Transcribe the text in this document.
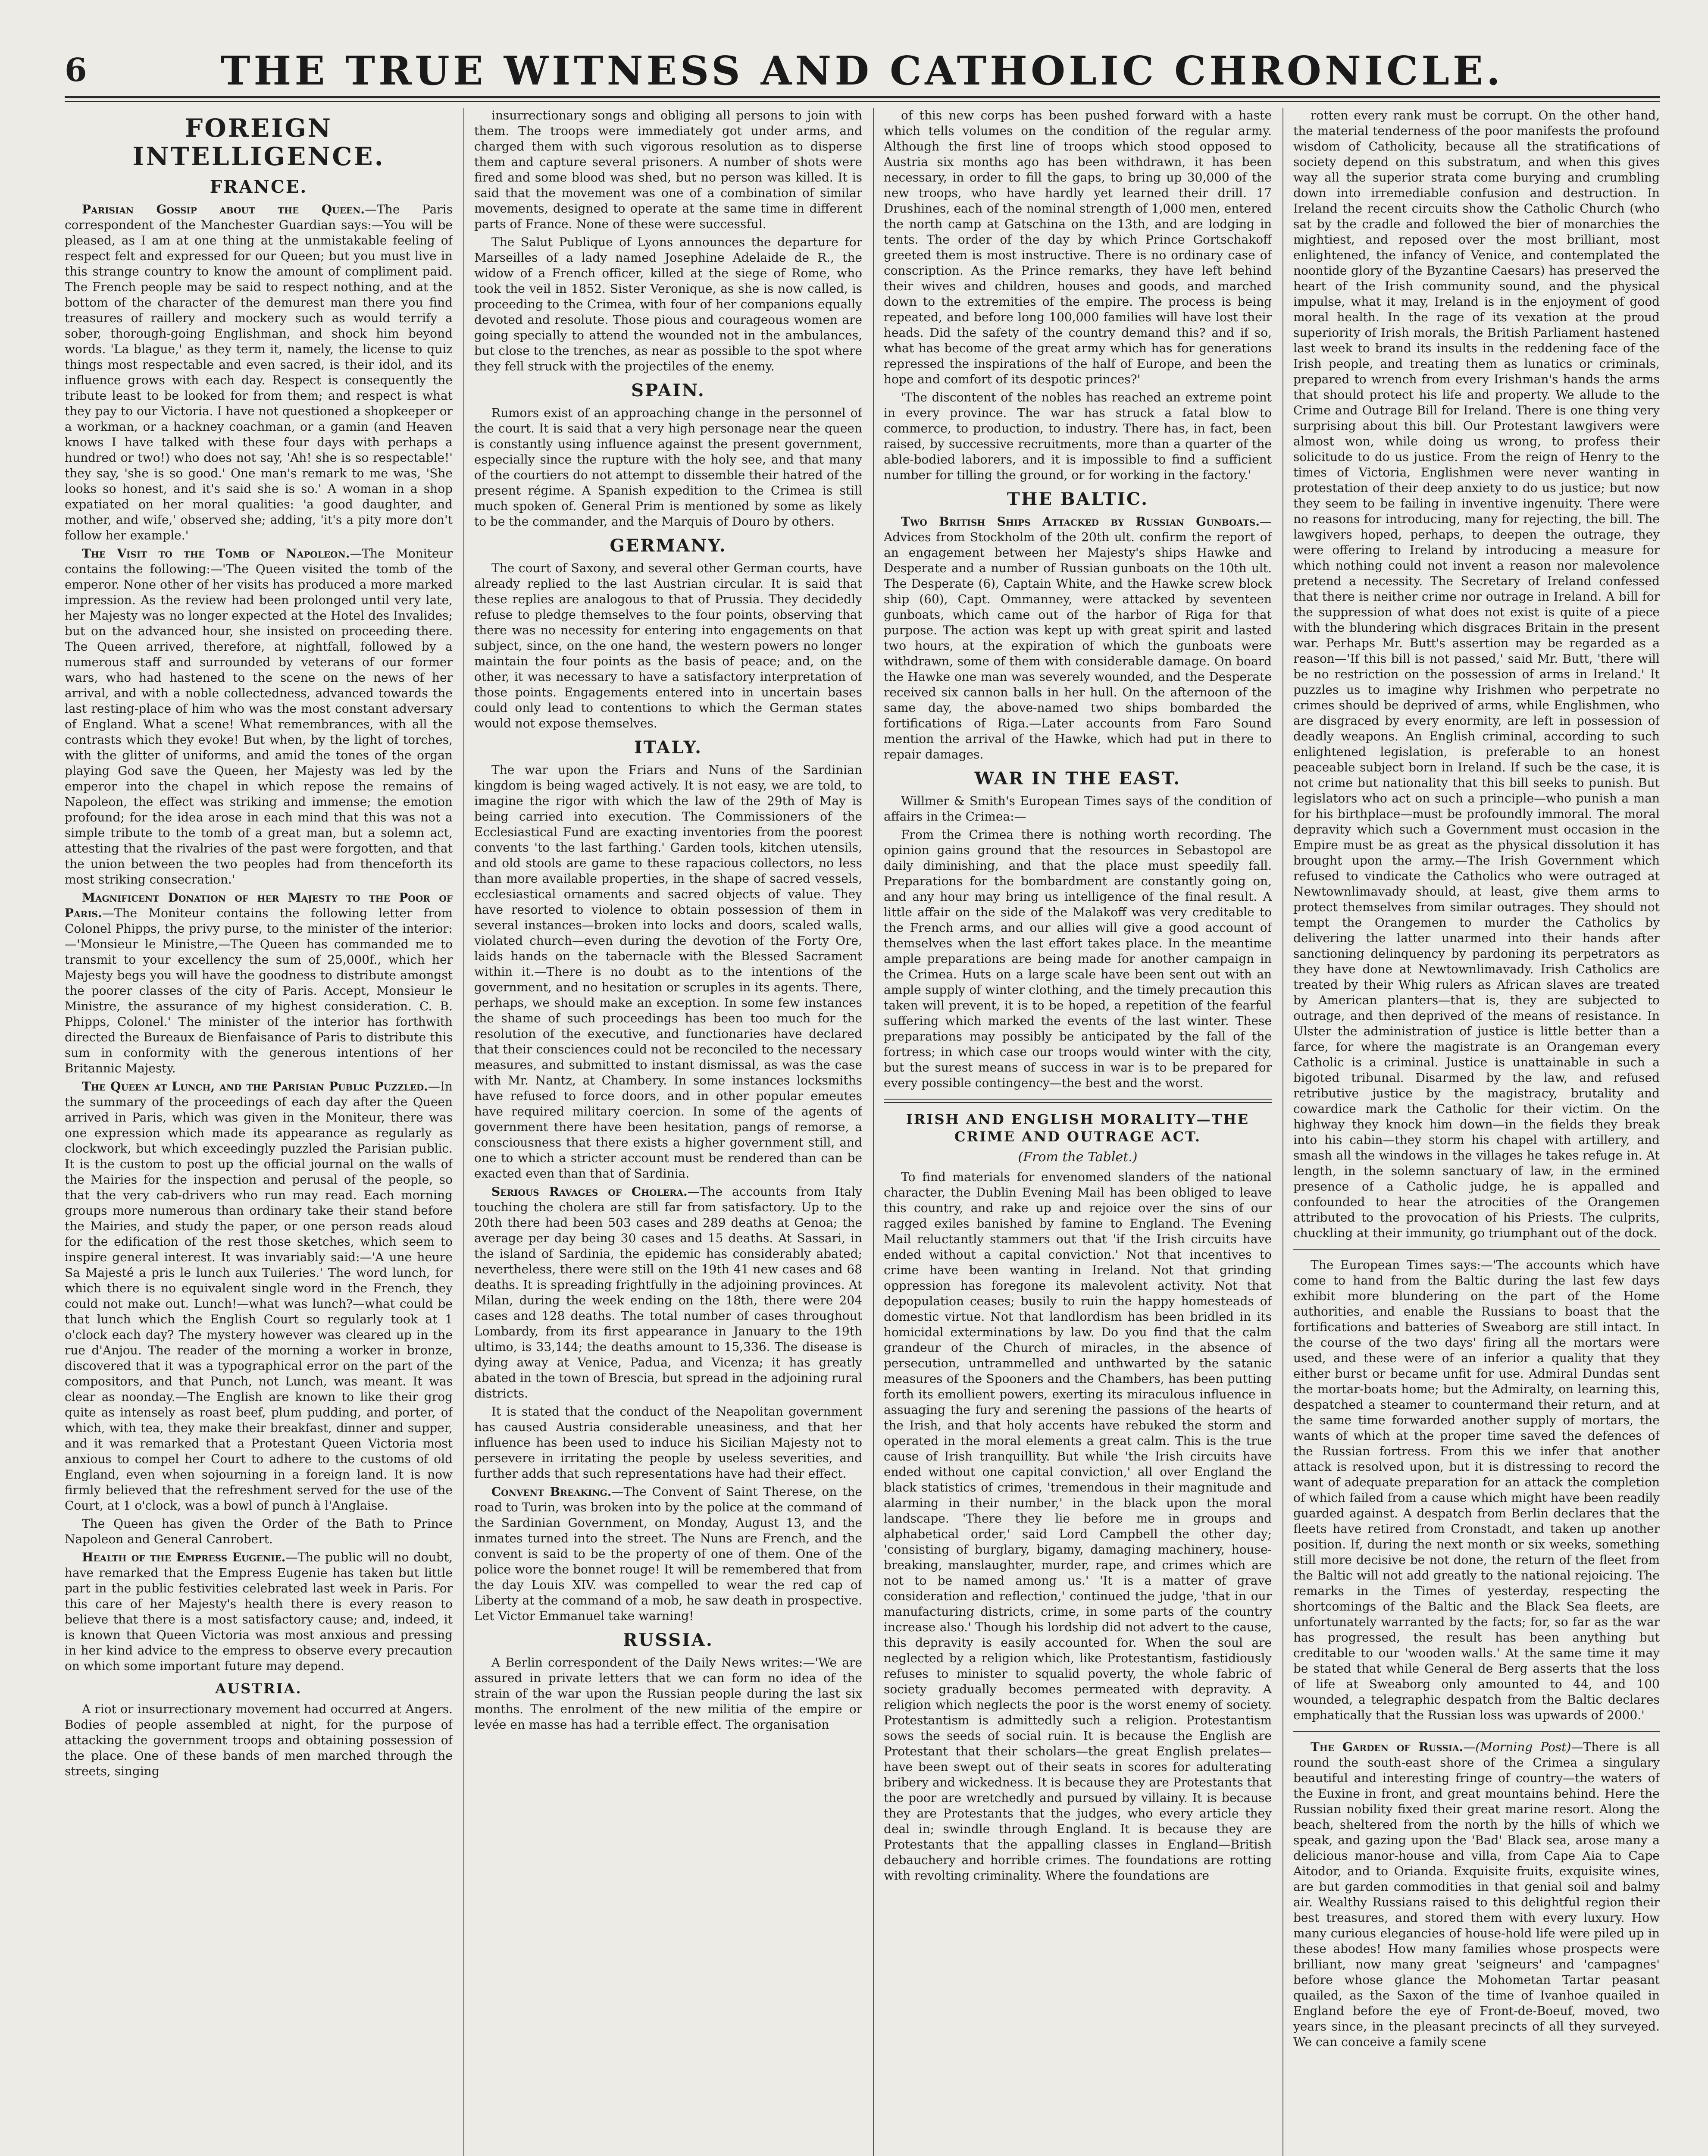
6	THE TRUE WITNESS AND CATHOLIC CHRONICLE.
FOREIGN INTELLIGENCE.
FRANCE.

Parisian Gossip about the Queen.—The Paris correspondent of the Manchester Guardian says:—You will be pleased, as I am at one thing at the unmistakable feeling of respect felt and expressed for our Queen; but you must live in this strange country to know the amount of compliment paid. The French people may be said to respect nothing, and at the bottom of the character of the demurest man there you find treasures of raillery and mockery such as would terrify a sober, thorough-going Englishman, and shock him beyond words. 'La blague,' as they term it, namely, the license to quiz things most respectable and even sacred, is their idol, and its influence grows with each day. Respect is consequently the tribute least to be looked for from them; and respect is what they pay to our Victoria. I have not questioned a shopkeeper or a workman, or a hackney coachman, or a gamin (and Heaven knows I have talked with these four days with perhaps a hundred or two!) who does not say, 'Ah! she is so respectable!' they say, 'she is so good.' One man's remark to me was, 'She looks so honest, and it's said she is so.' A woman in a shop expatiated on her moral qualities: 'a good daughter, and mother, and wife,' observed she; adding, 'it's a pity more don't follow her example.'

The Visit to the Tomb of Napoleon.—The Moniteur contains the following:—'The Queen visited the tomb of the emperor. None other of her visits has produced a more marked impression. As the review had been prolonged until very late, her Majesty was no longer expected at the Hotel des Invalides; but on the advanced hour, she insisted on proceeding there. The Queen arrived, therefore, at nightfall, followed by a numerous staff and surrounded by veterans of our former wars, who had hastened to the scene on the news of her arrival, and with a noble collectedness, advanced towards the last resting-place of him who was the most constant adversary of England. What a scene! What remembrances, with all the contrasts which they evoke! But when, by the light of torches, with the glitter of uniforms, and amid the tones of the organ playing God save the Queen, her Majesty was led by the emperor into the chapel in which repose the remains of Napoleon, the effect was striking and immense; the emotion profound; for the idea arose in each mind that this was not a simple tribute to the tomb of a great man, but a solemn act, attesting that the rivalries of the past were forgotten, and that the union between the two peoples had from thenceforth its most striking consecration.'

Magnificent Donation of her Majesty to the Poor of Paris.—The Moniteur contains the following letter from Colonel Phipps, the privy purse, to the minister of the interior:—'Monsieur le Ministre,—The Queen has commanded me to transmit to your excellency the sum of 25,000f., which her Majesty begs you will have the goodness to distribute amongst the poorer classes of the city of Paris. Accept, Monsieur le Ministre, the assurance of my highest consideration. C. B. Phipps, Colonel.' The minister of the interior has forthwith directed the Bureaux de Bienfaisance of Paris to distribute this sum in conformity with the generous intentions of her Britannic Majesty.

The Queen at Lunch, and the Parisian Public Puzzled.—In the summary of the proceedings of each day after the Queen arrived in Paris, which was given in the Moniteur, there was one expression which made its appearance as regularly as clockwork, but which exceedingly puzzled the Parisian public. It is the custom to post up the official journal on the walls of the Mairies for the inspection and perusal of the people, so that the very cab-drivers who run may read. Each morning groups more numerous than ordinary take their stand before the Mairies, and study the paper, or one person reads aloud for the edification of the rest those sketches, which seem to inspire general interest. It was invariably said:—'A une heure Sa Majesté a pris le lunch aux Tuileries.' The word lunch, for which there is no equivalent single word in the French, they could not make out. Lunch!—what was lunch?—what could be that lunch which the English Court so regularly took at 1 o'clock each day? The mystery however was cleared up in the rue d'Anjou. The reader of the morning a worker in bronze, discovered that it was a typographical error on the part of the compositors, and that Punch, not Lunch, was meant. It was clear as noonday.—The English are known to like their grog quite as intensely as roast beef, plum pudding, and porter, of which, with tea, they make their breakfast, dinner and supper, and it was remarked that a Protestant Queen Victoria most anxious to compel her Court to adhere to the customs of old England, even when sojourning in a foreign land. It is now firmly believed that the refreshment served for the use of the Court, at 1 o'clock, was a bowl of punch à l'Anglaise.

The Queen has given the Order of the Bath to Prince Napoleon and General Canrobert.

Health of the Empress Eugenie.—The public will no doubt, have remarked that the Empress Eugenie has taken but little part in the public festivities celebrated last week in Paris. For this care of her Majesty's health there is every reason to believe that there is a most satisfactory cause; and, indeed, it is known that Queen Victoria was most anxious and pressing in her kind advice to the empress to observe every precaution on which some important future may depend.

AUSTRIA.

A riot or insurrectionary movement had occurred at Angers. Bodies of people assembled at night, for the purpose of attacking the government troops and obtaining possession of the place. One of these bands of men marched through the streets, singing

insurrectionary songs and obliging all persons to join with them. The troops were immediately got under arms, and charged them with such vigorous resolution as to disperse them and capture several prisoners. A number of shots were fired and some blood was shed, but no person was killed. It is said that the movement was one of a combination of similar movements, designed to operate at the same time in different parts of France. None of these were successful.

The Salut Publique of Lyons announces the departure for Marseilles of a lady named Josephine Adelaide de R., the widow of a French officer, killed at the siege of Rome, who took the veil in 1852. Sister Veronique, as she is now called, is proceeding to the Crimea, with four of her companions equally devoted and resolute. Those pious and courageous women are going specially to attend the wounded not in the ambulances, but close to the trenches, as near as possible to the spot where they fell struck with the projectiles of the enemy.

SPAIN.

Rumors exist of an approaching change in the personnel of the court. It is said that a very high personage near the queen is constantly using influence against the present government, especially since the rupture with the holy see, and that many of the courtiers do not attempt to dissemble their hatred of the present régime. A Spanish expedition to the Crimea is still much spoken of. General Prim is mentioned by some as likely to be the commander, and the Marquis of Douro by others.

GERMANY.

The court of Saxony, and several other German courts, have already replied to the last Austrian circular. It is said that these replies are analogous to that of Prussia. They decidedly refuse to pledge themselves to the four points, observing that there was no necessity for entering into engagements on that subject, since, on the one hand, the western powers no longer maintain the four points as the basis of peace; and, on the other, it was necessary to have a satisfactory interpretation of those points. Engagements entered into in uncertain bases could only lead to contentions to which the German states would not expose themselves.

ITALY.

The war upon the Friars and Nuns of the Sardinian kingdom is being waged actively. It is not easy, we are told, to imagine the rigor with which the law of the 29th of May is being carried into execution. The Commissioners of the Ecclesiastical Fund are exacting inventories from the poorest convents 'to the last farthing.' Garden tools, kitchen utensils, and old stools are game to these rapacious collectors, no less than more available properties, in the shape of sacred vessels, ecclesiastical ornaments and sacred objects of value. They have resorted to violence to obtain possession of them in several instances—broken into locks and doors, scaled walls, violated church—even during the devotion of the Forty Ore, laids hands on the tabernacle with the Blessed Sacrament within it.—There is no doubt as to the intentions of the government, and no hesitation or scruples in its agents. There, perhaps, we should make an exception. In some few instances the shame of such proceedings has been too much for the resolution of the executive, and functionaries have declared that their consciences could not be reconciled to the necessary measures, and submitted to instant dismissal, as was the case with Mr. Nantz, at Chambery. In some instances locksmiths have refused to force doors, and in other popular emeutes have required military coercion. In some of the agents of government there have been hesitation, pangs of remorse, a consciousness that there exists a higher government still, and one to which a stricter account must be rendered than can be exacted even than that of Sardinia.

Serious Ravages of Cholera.—The accounts from Italy touching the cholera are still far from satisfactory. Up to the 20th there had been 503 cases and 289 deaths at Genoa; the average per day being 30 cases and 15 deaths. At Sassari, in the island of Sardinia, the epidemic has considerably abated; nevertheless, there were still on the 19th 41 new cases and 68 deaths. It is spreading frightfully in the adjoining provinces. At Milan, during the week ending on the 18th, there were 204 cases and 128 deaths. The total number of cases throughout Lombardy, from its first appearance in January to the 19th ultimo, is 33,144; the deaths amount to 15,336. The disease is dying away at Venice, Padua, and Vicenza; it has greatly abated in the town of Brescia, but spread in the adjoining rural districts.

It is stated that the conduct of the Neapolitan government has caused Austria considerable uneasiness, and that her influence has been used to induce his Sicilian Majesty not to persevere in irritating the people by useless severities, and further adds that such representations have had their effect.

Convent Breaking.—The Convent of Saint Therese, on the road to Turin, was broken into by the police at the command of the Sardinian Government, on Monday, August 13, and the inmates turned into the street. The Nuns are French, and the convent is said to be the property of one of them. One of the police wore the bonnet rouge! It will be remembered that from the day Louis XIV. was compelled to wear the red cap of Liberty at the command of a mob, he saw death in prospective. Let Victor Emmanuel take warning!

RUSSIA.

A Berlin correspondent of the Daily News writes:—'We are assured in private letters that we can form no idea of the strain of the war upon the Russian people during the last six months. The enrolment of the new militia of the empire or levée en masse has had a terrible effect. The organisation

of this new corps has been pushed forward with a haste which tells volumes on the condition of the regular army. Although the first line of troops which stood opposed to Austria six months ago has been withdrawn, it has been necessary, in order to fill the gaps, to bring up 30,000 of the new troops, who have hardly yet learned their drill. 17 Drushines, each of the nominal strength of 1,000 men, entered the north camp at Gatschina on the 13th, and are lodging in tents. The order of the day by which Prince Gortschakoff greeted them is most instructive. There is no ordinary case of conscription. As the Prince remarks, they have left behind their wives and children, houses and goods, and marched down to the extremities of the empire. The process is being repeated, and before long 100,000 families will have lost their heads. Did the safety of the country demand this? and if so, what has become of the great army which has for generations repressed the inspirations of the half of Europe, and been the hope and comfort of its despotic princes?'

'The discontent of the nobles has reached an extreme point in every province. The war has struck a fatal blow to commerce, to production, to industry. There has, in fact, been raised, by successive recruitments, more than a quarter of the able-bodied laborers, and it is impossible to find a sufficient number for tilling the ground, or for working in the factory.'

THE BALTIC.

Two British Ships Attacked by Russian Gunboats.—Advices from Stockholm of the 20th ult. confirm the report of an engagement between her Majesty's ships Hawke and Desperate and a number of Russian gunboats on the 10th ult. The Desperate (6), Captain White, and the Hawke screw block ship (60), Capt. Ommanney, were attacked by seventeen gunboats, which came out of the harbor of Riga for that purpose. The action was kept up with great spirit and lasted two hours, at the expiration of which the gunboats were withdrawn, some of them with considerable damage. On board the Hawke one man was severely wounded, and the Desperate received six cannon balls in her hull. On the afternoon of the same day, the above-named two ships bombarded the fortifications of Riga.—Later accounts from Faro Sound mention the arrival of the Hawke, which had put in there to repair damages.

WAR IN THE EAST.

Willmer & Smith's European Times says of the condition of affairs in the Crimea:—

From the Crimea there is nothing worth recording. The opinion gains ground that the resources in Sebastopol are daily diminishing, and that the place must speedily fall. Preparations for the bombardment are constantly going on, and any hour may bring us intelligence of the final result. A little affair on the side of the Malakoff was very creditable to the French arms, and our allies will give a good account of themselves when the last effort takes place. In the meantime ample preparations are being made for another campaign in the Crimea. Huts on a large scale have been sent out with an ample supply of winter clothing, and the timely precaution this taken will prevent, it is to be hoped, a repetition of the fearful suffering which marked the events of the last winter. These preparations may possibly be anticipated by the fall of the fortress; in which case our troops would winter with the city, but the surest means of success in war is to be prepared for every possible contingency—the best and the worst.

IRISH AND ENGLISH MORALITY—THE CRIME AND OUTRAGE ACT.
(From the Tablet.)

To find materials for envenomed slanders of the national character, the Dublin Evening Mail has been obliged to leave this country, and rake up and rejoice over the sins of our ragged exiles banished by famine to England. The Evening Mail reluctantly stammers out that 'if the Irish circuits have ended without a capital conviction.' Not that incentives to crime have been wanting in Ireland. Not that grinding oppression has foregone its malevolent activity. Not that depopulation ceases; busily to ruin the happy homesteads of domestic virtue. Not that landlordism has been bridled in its homicidal exterminations by law. Do you find that the calm grandeur of the Church of miracles, in the absence of persecution, untrammelled and unthwarted by the satanic measures of the Spooners and the Chambers, has been putting forth its emollient powers, exerting its miraculous influence in assuaging the fury and serening the passions of the hearts of the Irish, and that holy accents have rebuked the storm and operated in the moral elements a great calm. This is the true cause of Irish tranquillity. But while 'the Irish circuits have ended without one capital conviction,' all over England the black statistics of crimes, 'tremendous in their magnitude and alarming in their number,' in the black upon the moral landscape. 'There they lie before me in groups and alphabetical order,' said Lord Campbell the other day; 'consisting of burglary, bigamy, damaging machinery, house-breaking, manslaughter, murder, rape, and crimes which are not to be named among us.' 'It is a matter of grave consideration and reflection,' continued the judge, 'that in our manufacturing districts, crime, in some parts of the country increase also.' Though his lordship did not advert to the cause, this depravity is easily accounted for. When the soul are neglected by a religion which, like Protestantism, fastidiously refuses to minister to squalid poverty, the whole fabric of society gradually becomes permeated with depravity. A religion which neglects the poor is the worst enemy of society. Protestantism is admittedly such a religion. Protestantism sows the seeds of social ruin. It is because the English are Protestant that their scholars—the great English prelates—have been swept out of their seats in scores for adulterating bribery and wickedness. It is because they are Protestants that the poor are wretchedly and pursued by villainy. It is because they are Protestants that the judges, who every article they deal in; swindle through England. It is because they are Protestants that the appalling classes in England—British debauchery and horrible crimes. The foundations are rotting with revolting criminality. Where the foundations are

rotten every rank must be corrupt. On the other hand, the material tenderness of the poor manifests the profound wisdom of Catholicity, because all the stratifications of society depend on this substratum, and when this gives way all the superior strata come burying and crumbling down into irremediable confusion and destruction. In Ireland the recent circuits show the Catholic Church (who sat by the cradle and followed the bier of monarchies the mightiest, and reposed over the most brilliant, most enlightened, the infancy of Venice, and contemplated the noontide glory of the Byzantine Caesars) has preserved the heart of the Irish community sound, and the physical impulse, what it may, Ireland is in the enjoyment of good moral health. In the rage of its vexation at the proud superiority of Irish morals, the British Parliament hastened last week to brand its insults in the reddening face of the Irish people, and treating them as lunatics or criminals, prepared to wrench from every Irishman's hands the arms that should protect his life and property. We allude to the Crime and Outrage Bill for Ireland. There is one thing very surprising about this bill. Our Protestant lawgivers were almost won, while doing us wrong, to profess their solicitude to do us justice. From the reign of Henry to the times of Victoria, Englishmen were never wanting in protestation of their deep anxiety to do us justice; but now they seem to be failing in inventive ingenuity. There were no reasons for introducing, many for rejecting, the bill. The lawgivers hoped, perhaps, to deepen the outrage, they were offering to Ireland by introducing a measure for which nothing could not invent a reason nor malevolence pretend a necessity. The Secretary of Ireland confessed that there is neither crime nor outrage in Ireland. A bill for the suppression of what does not exist is quite of a piece with the blundering which disgraces Britain in the present war. Perhaps Mr. Butt's assertion may be regarded as a reason—'If this bill is not passed,' said Mr. Butt, 'there will be no restriction on the possession of arms in Ireland.' It puzzles us to imagine why Irishmen who perpetrate no crimes should be deprived of arms, while Englishmen, who are disgraced by every enormity, are left in possession of deadly weapons. An English criminal, according to such enlightened legislation, is preferable to an honest peaceable subject born in Ireland. If such be the case, it is not crime but nationality that this bill seeks to punish. But legislators who act on such a principle—who punish a man for his birthplace—must be profoundly immoral. The moral depravity which such a Government must occasion in the Empire must be as great as the physical dissolution it has brought upon the army.—The Irish Government which refused to vindicate the Catholics who were outraged at Newtownlimavady should, at least, give them arms to protect themselves from similar outrages. They should not tempt the Orangemen to murder the Catholics by delivering the latter unarmed into their hands after sanctioning delinquency by pardoning its perpetrators as they have done at Newtownlimavady. Irish Catholics are treated by their Whig rulers as African slaves are treated by American planters—that is, they are subjected to outrage, and then deprived of the means of resistance. In Ulster the administration of justice is little better than a farce, for where the magistrate is an Orangeman every Catholic is a criminal. Justice is unattainable in such a bigoted tribunal. Disarmed by the law, and refused retributive justice by the magistracy, brutality and cowardice mark the Catholic for their victim. On the highway they knock him down—in the fields they break into his cabin—they storm his chapel with artillery, and smash all the windows in the villages he takes refuge in. At length, in the solemn sanctuary of law, in the ermined presence of a Catholic judge, he is appalled and confounded to hear the atrocities of the Orangemen attributed to the provocation of his Priests. The culprits, chuckling at their immunity, go triumphant out of the dock.

The European Times says:—'The accounts which have come to hand from the Baltic during the last few days exhibit more blundering on the part of the Home authorities, and enable the Russians to boast that the fortifications and batteries of Sweaborg are still intact. In the course of the two days' firing all the mortars were used, and these were of an inferior a quality that they either burst or became unfit for use. Admiral Dundas sent the mortar-boats home; but the Admiralty, on learning this, despatched a steamer to countermand their return, and at the same time forwarded another supply of mortars, the wants of which at the proper time saved the defences of the Russian fortress. From this we infer that another attack is resolved upon, but it is distressing to record the want of adequate preparation for an attack the completion of which failed from a cause which might have been readily guarded against. A despatch from Berlin declares that the fleets have retired from Cronstadt, and taken up another position. If, during the next month or six weeks, something still more decisive be not done, the return of the fleet from the Baltic will not add greatly to the national rejoicing. The remarks in the Times of yesterday, respecting the shortcomings of the Baltic and the Black Sea fleets, are unfortunately warranted by the facts; for, so far as the war has progressed, the result has been anything but creditable to our 'wooden walls.' At the same time it may be stated that while General de Berg asserts that the loss of life at Sweaborg only amounted to 44, and 100 wounded, a telegraphic despatch from the Baltic declares emphatically that the Russian loss was upwards of 2000.'

The Garden of Russia.—(Morning Post)—There is all round the south-east shore of the Crimea a singulary beautiful and interesting fringe of country—the waters of the Euxine in front, and great mountains behind. Here the Russian nobility fixed their great marine resort. Along the beach, sheltered from the north by the hills of which we speak, and gazing upon the 'Bad' Black sea, arose many a delicious manor-house and villa, from Cape Aia to Cape Aitodor, and to Orianda. Exquisite fruits, exquisite wines, are but garden commodities in that genial soil and balmy air. Wealthy Russians raised to this delightful region their best treasures, and stored them with every luxury. How many curious elegancies of house-hold life were piled up in these abodes! How many families whose prospects were brilliant, now many great 'seigneurs' and 'campagnes' before whose glance the Mohometan Tartar peasant quailed, as the Saxon of the time of Ivanhoe quailed in England before the eye of Front-de-Boeuf, moved, two years since, in the pleasant precincts of all they surveyed. We can conceive a family scene
